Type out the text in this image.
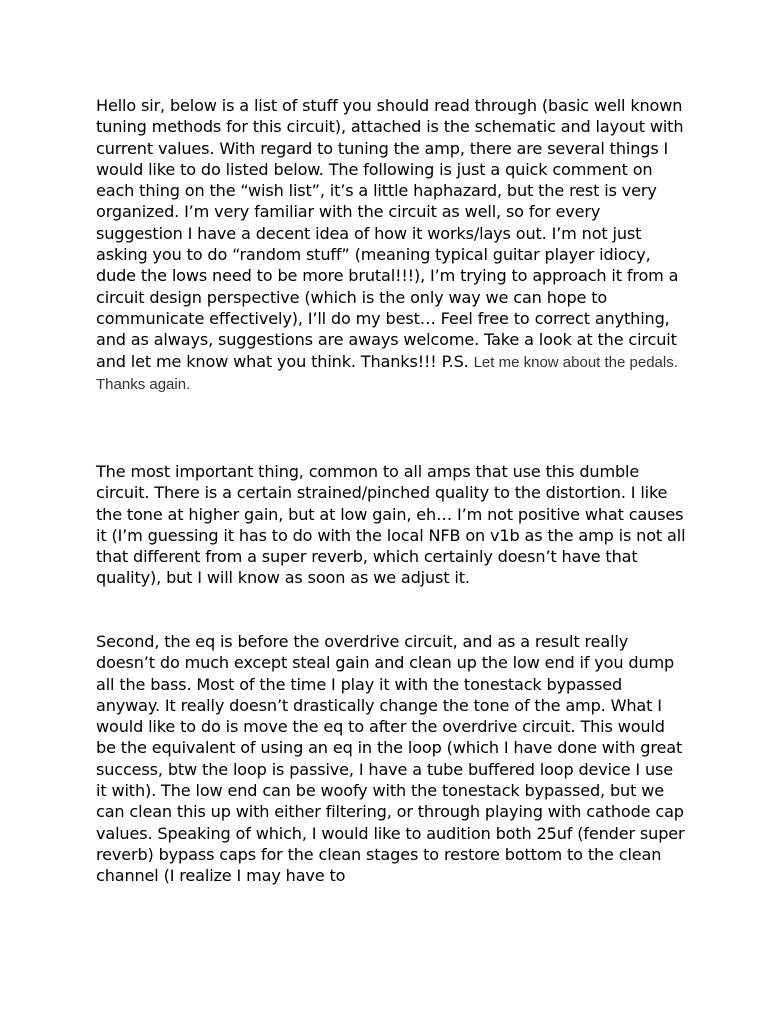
Hello sir, below is a list of stuff you should read through (basic well known tuning methods for this circuit), attached is the schematic and layout with current values. With regard to tuning the amp, there are several things I would like to do listed below. The following is just a quick comment on each thing on the “wish list”, it’s a little haphazard, but the rest is very organized. I’m very familiar with the circuit as well, so for every suggestion I have a decent idea of how it works/lays out. I’m not just asking you to do “random stuff” (meaning typical guitar player idiocy, dude the lows need to be more brutal!!!), I’m trying to approach it from a circuit design perspective (which is the only way we can hope to communicate effectively), I’ll do my best… Feel free to correct anything, and as always, suggestions are aways welcome. Take a look at the circuit and let me know what you think. Thanks!!! P.S. Let me know about the pedals. Thanks again.

The most important thing, common to all amps that use this dumble circuit. There is a certain strained/pinched quality to the distortion. I like the tone at higher gain, but at low gain, eh… I’m not positive what causes it (I’m guessing it has to do with the local NFB on v1b as the amp is not all that different from a super reverb, which certainly doesn’t have that quality), but I will know as soon as we adjust it.

Second, the eq is before the overdrive circuit, and as a result really doesn’t do much except steal gain and clean up the low end if you dump all the bass. Most of the time I play it with the tonestack bypassed anyway. It really doesn’t drastically change the tone of the amp. What I would like to do is move the eq to after the overdrive circuit. This would be the equivalent of using an eq in the loop (which I have done with great success, btw the loop is passive, I have a tube buffered loop device I use it with). The low end can be woofy with the tonestack bypassed, but we can clean this up with either filtering, or through playing with cathode cap values. Speaking of which, I would like to audition both 25uf (fender super reverb) bypass caps for the clean stages to restore bottom to the clean channel (I realize I may have to
